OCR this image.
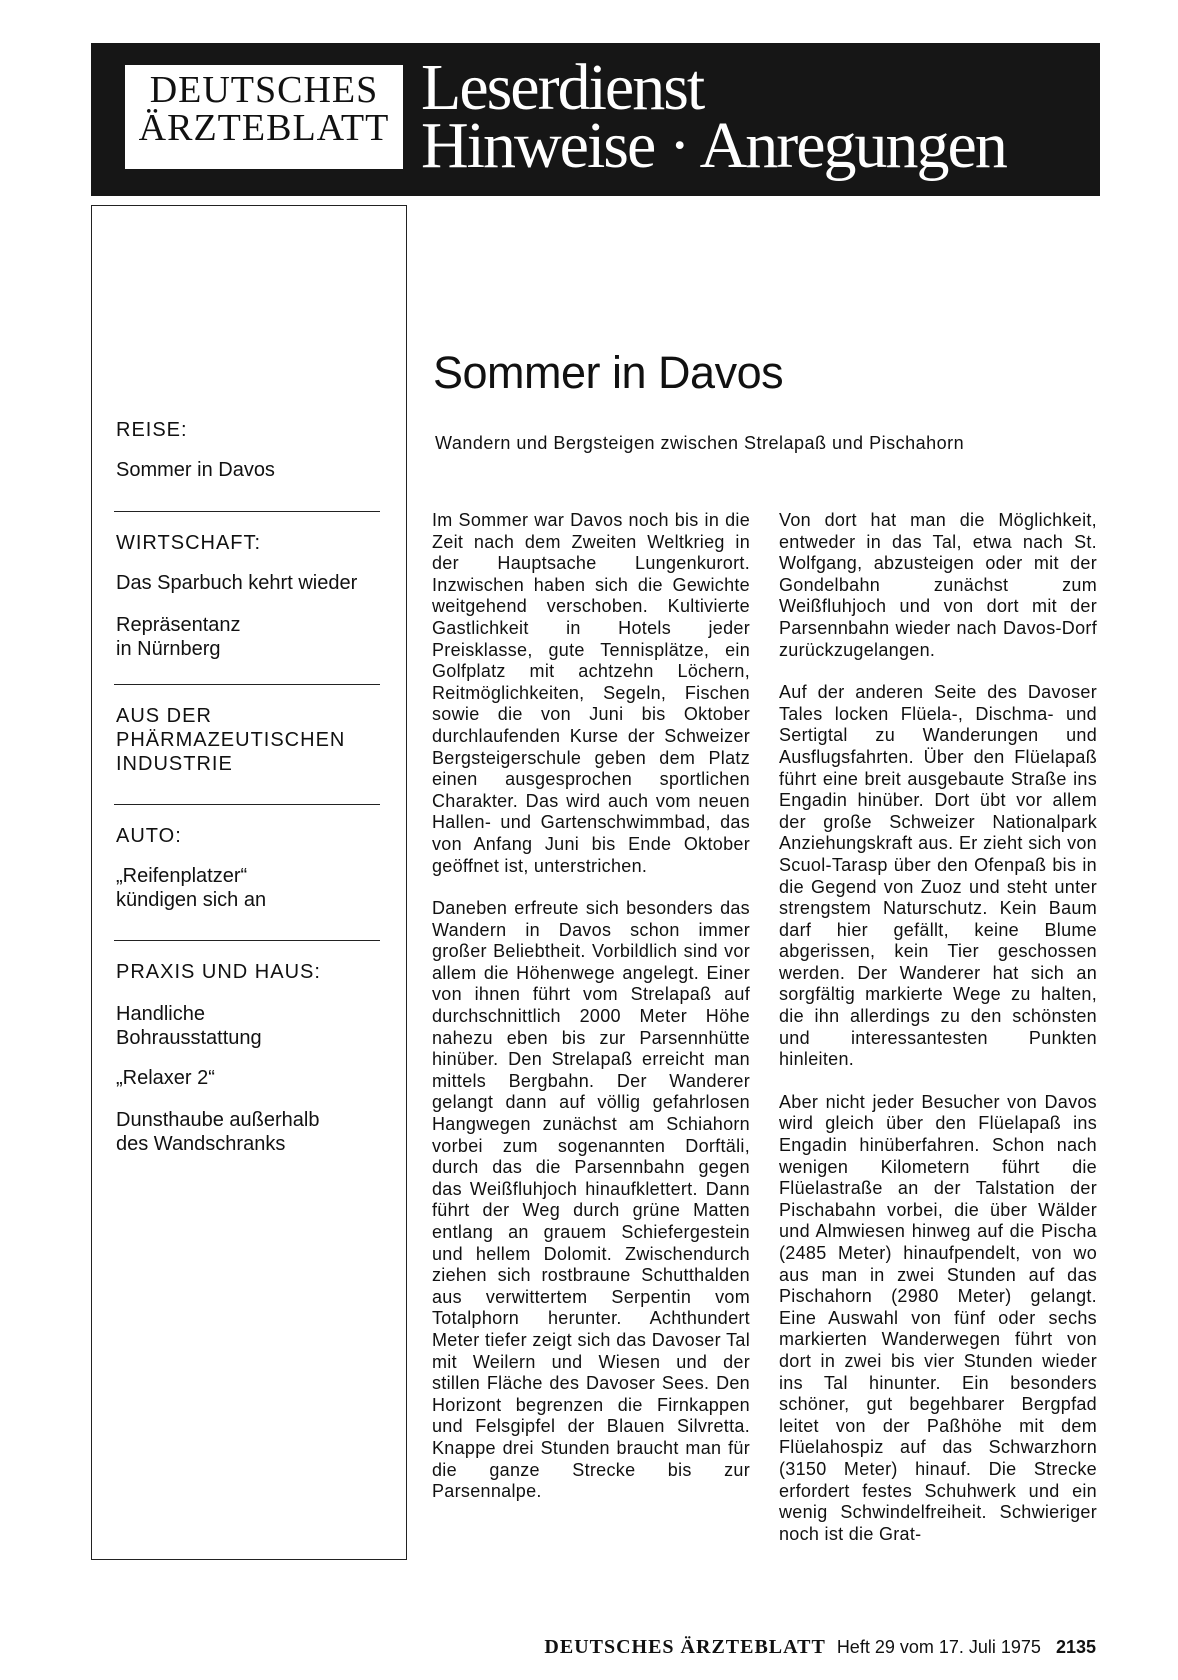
DEUTSCHES
ÄRZTEBLATT
Leserdienst
Hinweise · Anregungen
REISE:
Sommer in Davos
WIRTSCHAFT:
Das Sparbuch kehrt wieder
Repräsentanz
in Nürnberg
AUS DER
PHÄRMAZEUTISCHEN
INDUSTRIE
AUTO:
„Reifenplatzer“
kündigen sich an
PRAXIS UND HAUS:
Handliche
Bohrausstattung
„Relaxer 2“
Dunsthaube außerhalb
des Wandschranks
Sommer in Davos
Wandern und Bergsteigen zwischen Strelapaß und Pischahorn

Im Sommer war Davos noch bis in die Zeit nach dem Zweiten Weltkrieg in der Hauptsache Lungenkurort. Inzwischen haben sich die Gewichte weitgehend verschoben. Kultivierte Gastlichkeit in Hotels jeder Preisklasse, gute Tennisplätze, ein Golfplatz mit achtzehn Löchern, Reitmöglichkeiten, Segeln, Fischen sowie die von Juni bis Oktober durchlaufenden Kurse der Schweizer Bergsteigerschule geben dem Platz einen ausgesprochen sportlichen Charakter. Das wird auch vom neuen Hallen- und Gartenschwimmbad, das von Anfang Juni bis Ende Oktober geöffnet ist, unterstrichen.

Daneben erfreute sich besonders das Wandern in Davos schon immer großer Beliebtheit. Vorbildlich sind vor allem die Höhenwege angelegt. Einer von ihnen führt vom Strelapaß auf durchschnittlich 2000 Meter Höhe nahezu eben bis zur Parsennhütte hinüber. Den Strelapaß erreicht man mittels Bergbahn. Der Wanderer gelangt dann auf völlig gefahrlosen Hangwegen zunächst am Schiahorn vorbei zum sogenannten Dorftäli, durch das die Parsennbahn gegen das Weißfluhjoch hinaufklettert. Dann führt der Weg durch grüne Matten entlang an grauem Schiefergestein und hellem Dolomit. Zwischendurch ziehen sich rostbraune Schutthalden aus verwittertem Serpentin vom Totalphorn herunter. Achthundert Meter tiefer zeigt sich das Davoser Tal mit Weilern und Wiesen und der stillen Fläche des Davoser Sees. Den Horizont begrenzen die Firnkappen und Felsgipfel der Blauen Silvretta. Knappe drei Stunden braucht man für die ganze Strecke bis zur Parsennalpe.

Von dort hat man die Möglichkeit, entweder in das Tal, etwa nach St. Wolfgang, abzusteigen oder mit der Gondelbahn zunächst zum Weißfluhjoch und von dort mit der Parsennbahn wieder nach Davos-Dorf zurückzugelangen.

Auf der anderen Seite des Davoser Tales locken Flüela-, Dischma- und Sertigtal zu Wanderungen und Ausflugsfahrten. Über den Flüelapaß führt eine breit ausgebaute Straße ins Engadin hinüber. Dort übt vor allem der große Schweizer Nationalpark Anziehungskraft aus. Er zieht sich von Scuol-Tarasp über den Ofenpaß bis in die Gegend von Zuoz und steht unter strengstem Naturschutz. Kein Baum darf hier gefällt, keine Blume abgerissen, kein Tier geschossen werden. Der Wanderer hat sich an sorgfältig markierte Wege zu halten, die ihn allerdings zu den schönsten und interessantesten Punkten hinleiten.

Aber nicht jeder Besucher von Davos wird gleich über den Flüelapaß ins Engadin hinüberfahren. Schon nach wenigen Kilometern führt die Flüelastraße an der Talstation der Pischabahn vorbei, die über Wälder und Almwiesen hinweg auf die Pischa (2485 Meter) hinaufpendelt, von wo aus man in zwei Stunden auf das Pischahorn (2980 Meter) gelangt. Eine Auswahl von fünf oder sechs markierten Wanderwegen führt von dort in zwei bis vier Stunden wieder ins Tal hinunter. Ein besonders schöner, gut begehbarer Bergpfad leitet von der Paßhöhe mit dem Flüelahospiz auf das Schwarzhorn (3150 Meter) hinauf. Die Strecke erfordert festes Schuhwerk und ein wenig Schwindelfreiheit. Schwieriger noch ist die Grat-

DEUTSCHES ÄRZTEBLATT Heft 29 vom 17. Juli 1975 2135
